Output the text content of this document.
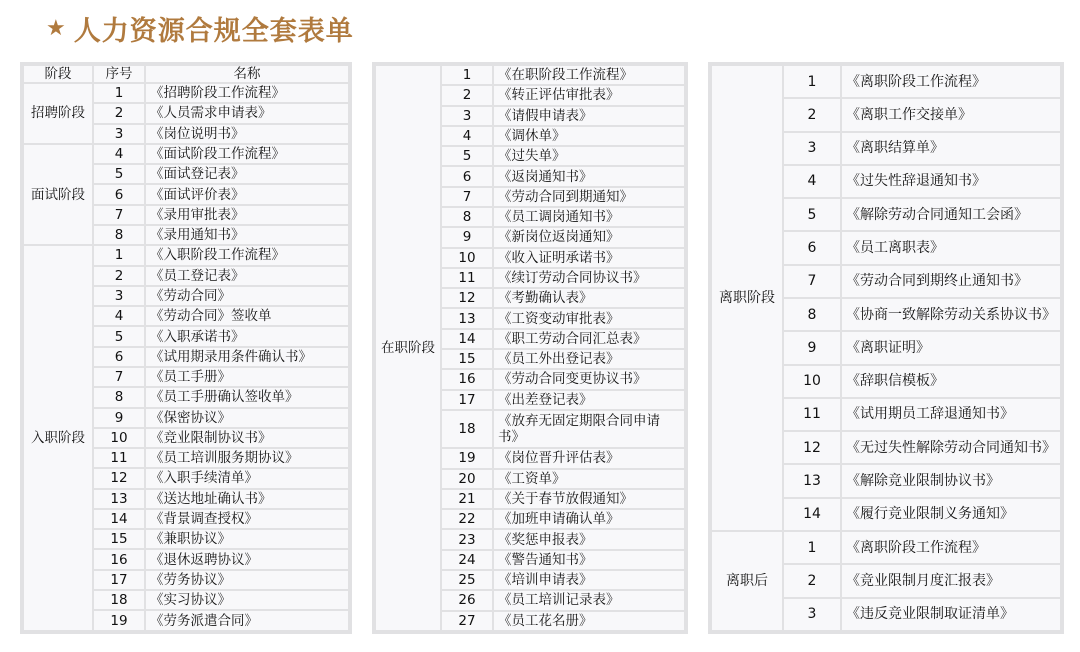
★ 人力资源合规全套表单
阶段	序号	名称
招聘阶段	1	《招聘阶段工作流程》
	2	《人员需求申请表》
	3	《岗位说明书》
面试阶段	4	《面试阶段工作流程》
	5	《面试登记表》
	6	《面试评价表》
	7	《录用审批表》
	8	《录用通知书》
入职阶段	1	《入职阶段工作流程》
	2	《员工登记表》
	3	《劳动合同》
	4	《劳动合同》签收单
	5	《入职承诺书》
	6	《试用期录用条件确认书》
	7	《员工手册》
	8	《员工手册确认签收单》
	9	《保密协议》
	10	《竞业限制协议书》
	11	《员工培训服务期协议》
	12	《入职手续清单》
	13	《送达地址确认书》
	14	《背景调查授权》
	15	《兼职协议》
	16	《退休返聘协议》
	17	《劳务协议》
	18	《实习协议》
	19	《劳务派遣合同》
在职阶段	1	《在职阶段工作流程》
	2	《转正评估审批表》
	3	《请假申请表》
	4	《调休单》
	5	《过失单》
	6	《返岗通知书》
	7	《劳动合同到期通知》
	8	《员工调岗通知书》
	9	《新岗位返岗通知》
	10	《收入证明承诺书》
	11	《续订劳动合同协议书》
	12	《考勤确认表》
	13	《工资变动审批表》
	14	《职工劳动合同汇总表》
	15	《员工外出登记表》
	16	《劳动合同变更协议书》
	17	《出差登记表》
	18	《放弃无固定期限合同申请书》
	19	《岗位晋升评估表》
	20	《工资单》
	21	《关于春节放假通知》
	22	《加班申请确认单》
	23	《奖惩申报表》
	24	《警告通知书》
	25	《培训申请表》
	26	《员工培训记录表》
	27	《员工花名册》
离职阶段	1	《离职阶段工作流程》
	2	《离职工作交接单》
	3	《离职结算单》
	4	《过失性辞退通知书》
	5	《解除劳动合同通知工会函》
	6	《员工离职表》
	7	《劳动合同到期终止通知书》
	8	《协商一致解除劳动关系协议书》
	9	《离职证明》
	10	《辞职信模板》
	11	《试用期员工辞退通知书》
	12	《无过失性解除劳动合同通知书》
	13	《解除竞业限制协议书》
	14	《履行竞业限制义务通知》
离职后	1	《离职阶段工作流程》
	2	《竞业限制月度汇报表》
	3	《违反竞业限制取证清单》
